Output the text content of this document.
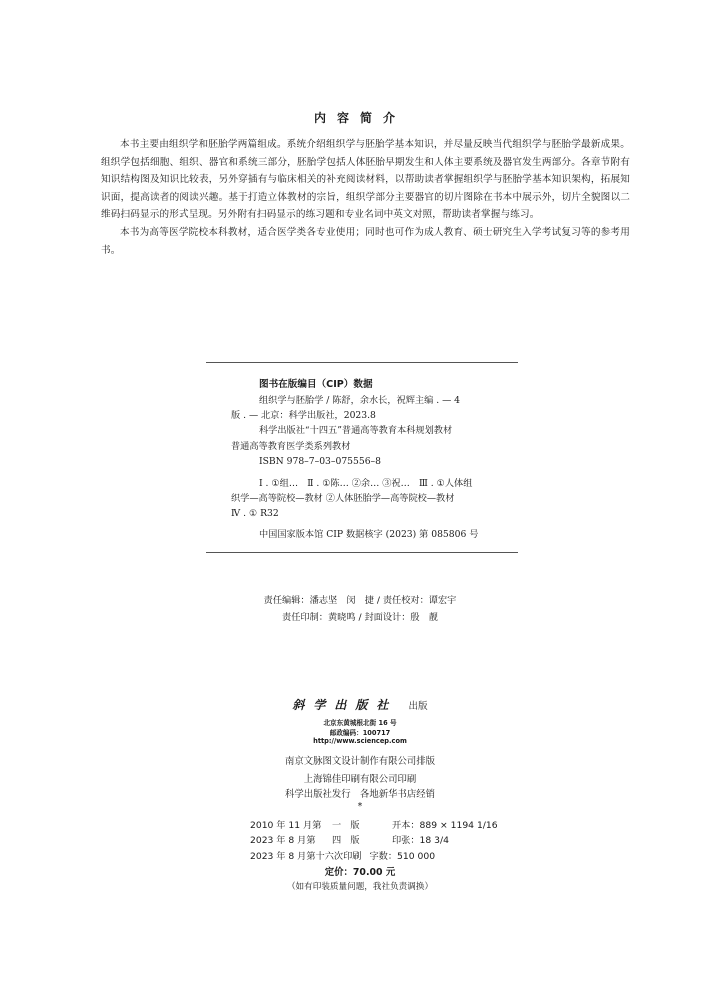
内容简介

本书主要由组织学和胚胎学两篇组成。系统介绍组织学与胚胎学基本知识，并尽量反映当代组织学与胚胎学最新成果。组织学包括细胞、组织、器官和系统三部分，胚胎学包括人体胚胎早期发生和人体主要系统及器官发生两部分。各章节附有知识结构图及知识比较表，另外穿插有与临床相关的补充阅读材料，以帮助读者掌握组织学与胚胎学基本知识架构，拓展知识面，提高读者的阅读兴趣。基于打造立体教材的宗旨，组织学部分主要器官的切片图除在书本中展示外，切片全貌图以二维码扫码显示的形式呈现。另外附有扫码显示的练习题和专业名词中英文对照，帮助读者掌握与练习。

本书为高等医学院校本科教材，适合医学类各专业使用；同时也可作为成人教育、硕士研究生入学考试复习等的参考用书。

图书在版编目（CIP）数据
组织学与胚胎学 / 陈舒，余水长，祝辉主编 . — 4
版 . — 北京：科学出版社，2023.8
科学出版社“十四五”普通高等教育本科规划教材
普通高等教育医学类系列教材
ISBN 978–7–03–075556–8
Ⅰ . ①组…　Ⅱ . ①陈… ②余… ③祝…　Ⅲ . ①人体组
织学—高等院校—教材 ②人体胚胎学—高等院校—教材
Ⅳ . ① R32
中国国家版本馆 CIP 数据核字 (2023) 第 085806 号
责任编辑：潘志坚　闵　捷 / 责任校对：谭宏宇
责任印制：黄晓鸣 / 封面设计：殷　靓
斜学出版社 出版
北京东黄城根北街 16 号
邮政编码：100717
http://www.sciencep.com
南京文脉图文设计制作有限公司排版
上海锦佳印刷有限公司印刷
科学出版社发行　各地新华书店经销
*
2010 年 11 月第 一　版	开本：889 × 1194 1/16
2023 年 8 月第 四　版	印张：18 3/4
2023 年 8 月第十六次印刷 字数：510 000
定价：70.00 元
（如有印装质量问题，我社负责调换）
